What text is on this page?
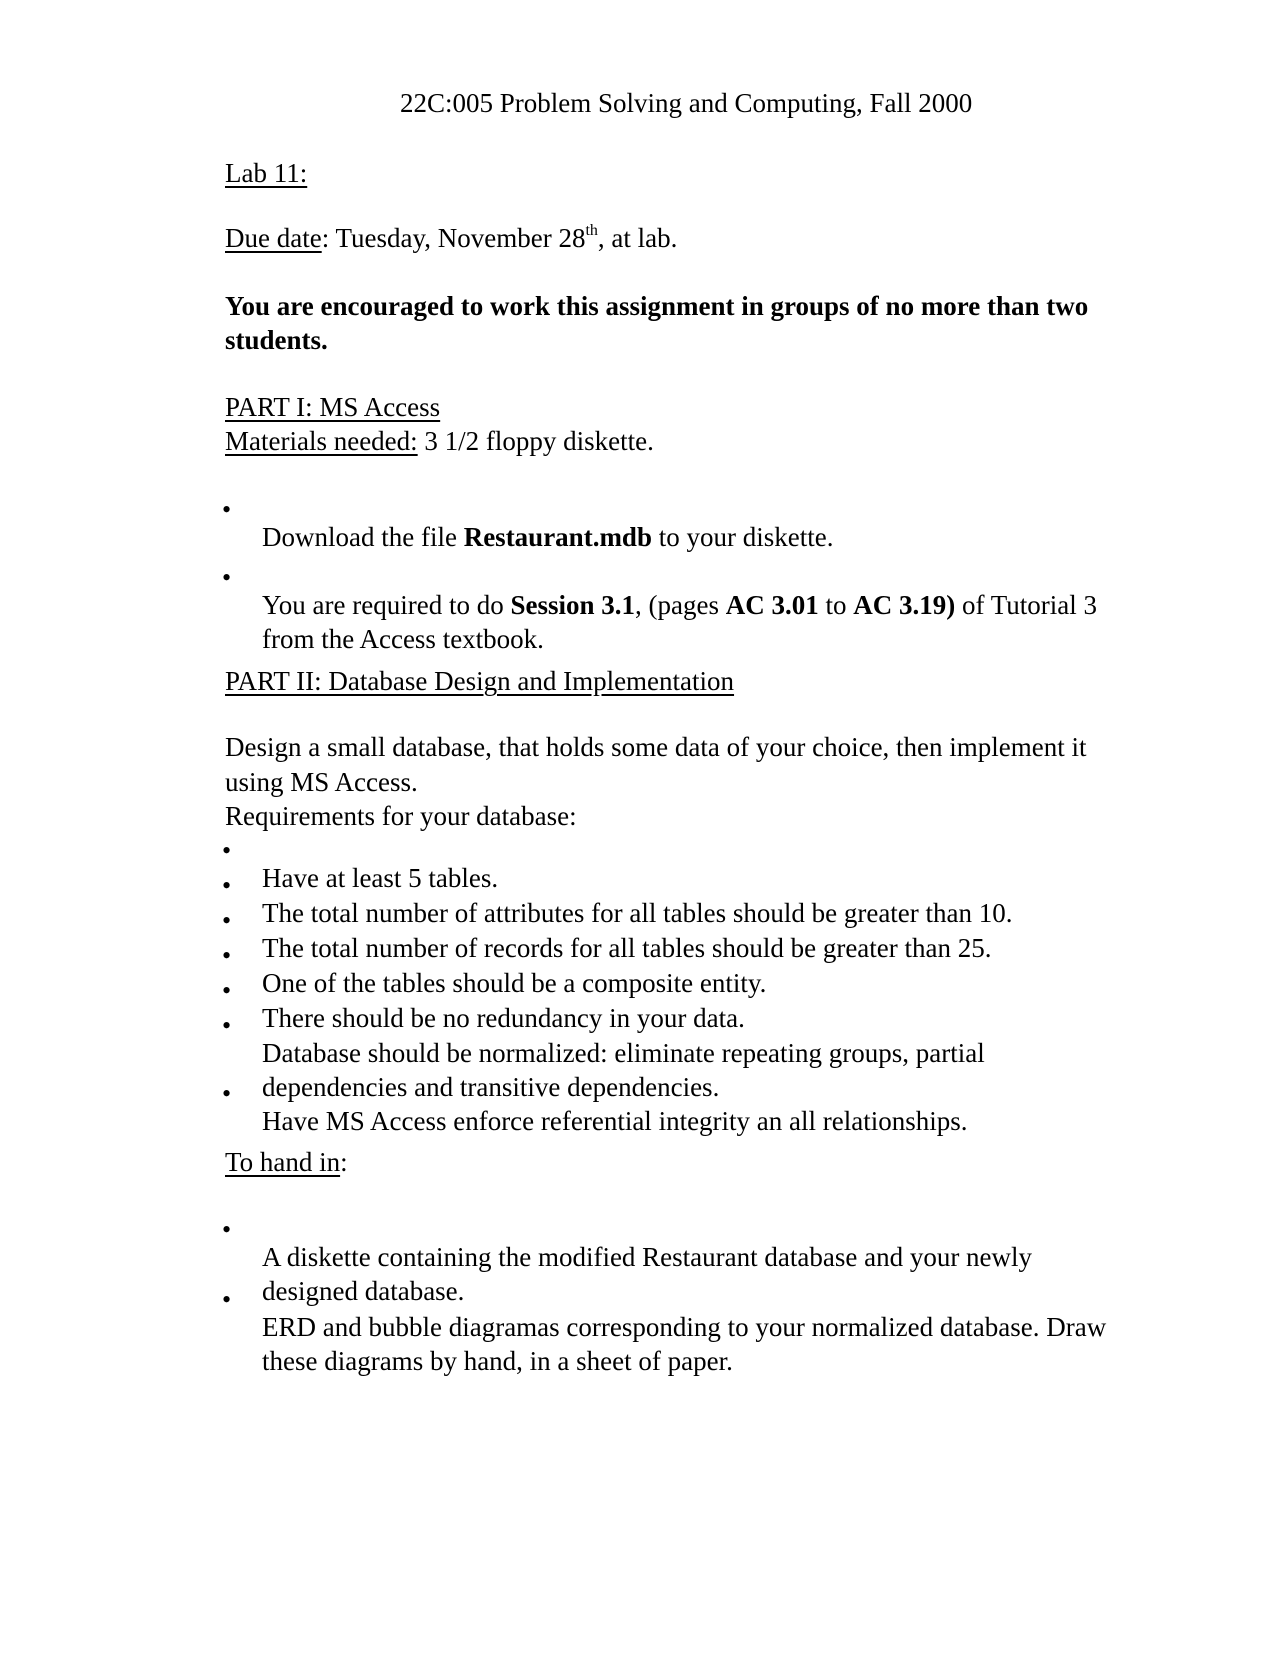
22C:005 Problem Solving and Computing, Fall 2000

Lab 11:

Due date: Tuesday, November 28th, at lab.

You are encouraged to work this assignment in groups of no more than two

students.

PART I: MS Access

Materials needed: 3 1/2 floppy diskette.

•

Download the file Restaurant.mdb to your diskette.

•

You are required to do Session 3.1, (pages AC 3.01 to AC 3.19) of Tutorial 3

from the Access textbook.

PART II: Database Design and Implementation

Design a small database, that holds some data of your choice, then implement it

using MS Access.

Requirements for your database:

•

Have at least 5 tables.

•

The total number of attributes for all tables should be greater than 10.

•

The total number of records for all tables should be greater than 25.

•

One of the tables should be a composite entity.

•

There should be no redundancy in your data.

•

Database should be normalized: eliminate repeating groups, partial

dependencies and transitive dependencies.

•

Have MS Access enforce referential integrity an all relationships.

To hand in:

•

A diskette containing the modified Restaurant database and your newly

designed database.

•

ERD and bubble diagramas corresponding to your normalized database. Draw

these diagrams by hand, in a sheet of paper.
